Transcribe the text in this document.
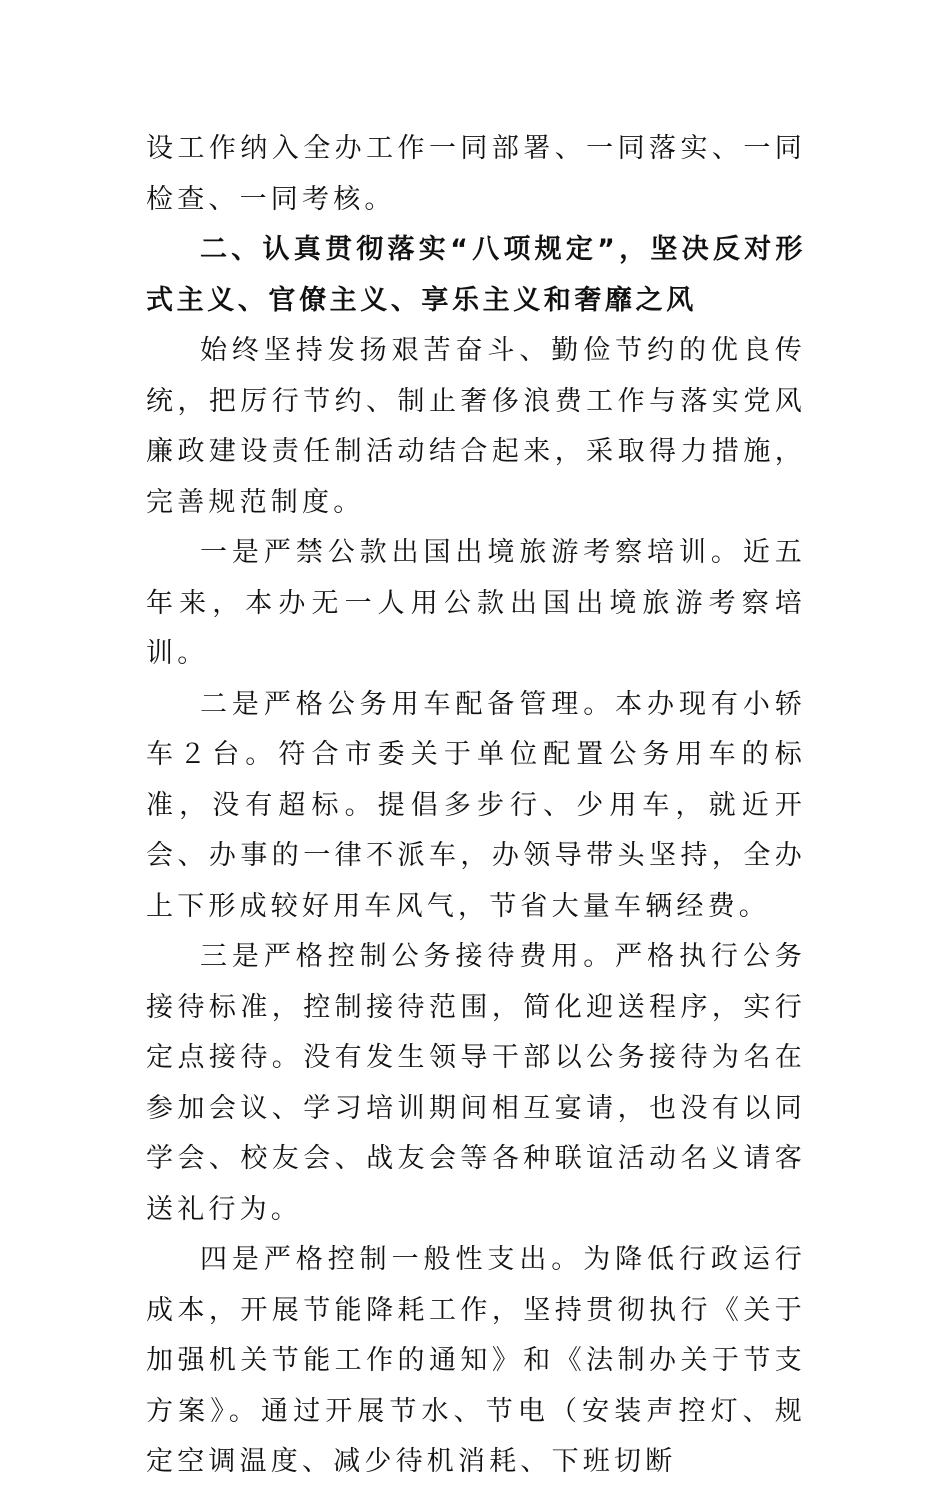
设工作纳入全办工作一同部署、一同落实、一同检查、一同考核。

二、认真贯彻落实“八项规定”，坚决反对形式主义、官僚主义、享乐主义和奢靡之风

始终坚持发扬艰苦奋斗、勤俭节约的优良传统，把厉行节约、制止奢侈浪费工作与落实党风廉政建设责任制活动结合起来，采取得力措施，完善规范制度。

一是严禁公款出国出境旅游考察培训。近五年来，本办无一人用公款出国出境旅游考察培训。

二是严格公务用车配备管理。本办现有小轿车２台。符合市委关于单位配置公务用车的标准，没有超标。提倡多步行、少用车，就近开会、办事的一律不派车，办领导带头坚持，全办上下形成较好用车风气，节省大量车辆经费。

三是严格控制公务接待费用。严格执行公务接待标准，控制接待范围，简化迎送程序，实行定点接待。没有发生领导干部以公务接待为名在参加会议、学习培训期间相互宴请，也没有以同学会、校友会、战友会等各种联谊活动名义请客送礼行为。

四是严格控制一般性支出。为降低行政运行成本，开展节能降耗工作，坚持贯彻执行《关于加强机关节能工作的通知》和《法制办关于节支方案》。通过开展节水、节电（安装声控灯、规定空调温度、减少待机消耗、下班切断
